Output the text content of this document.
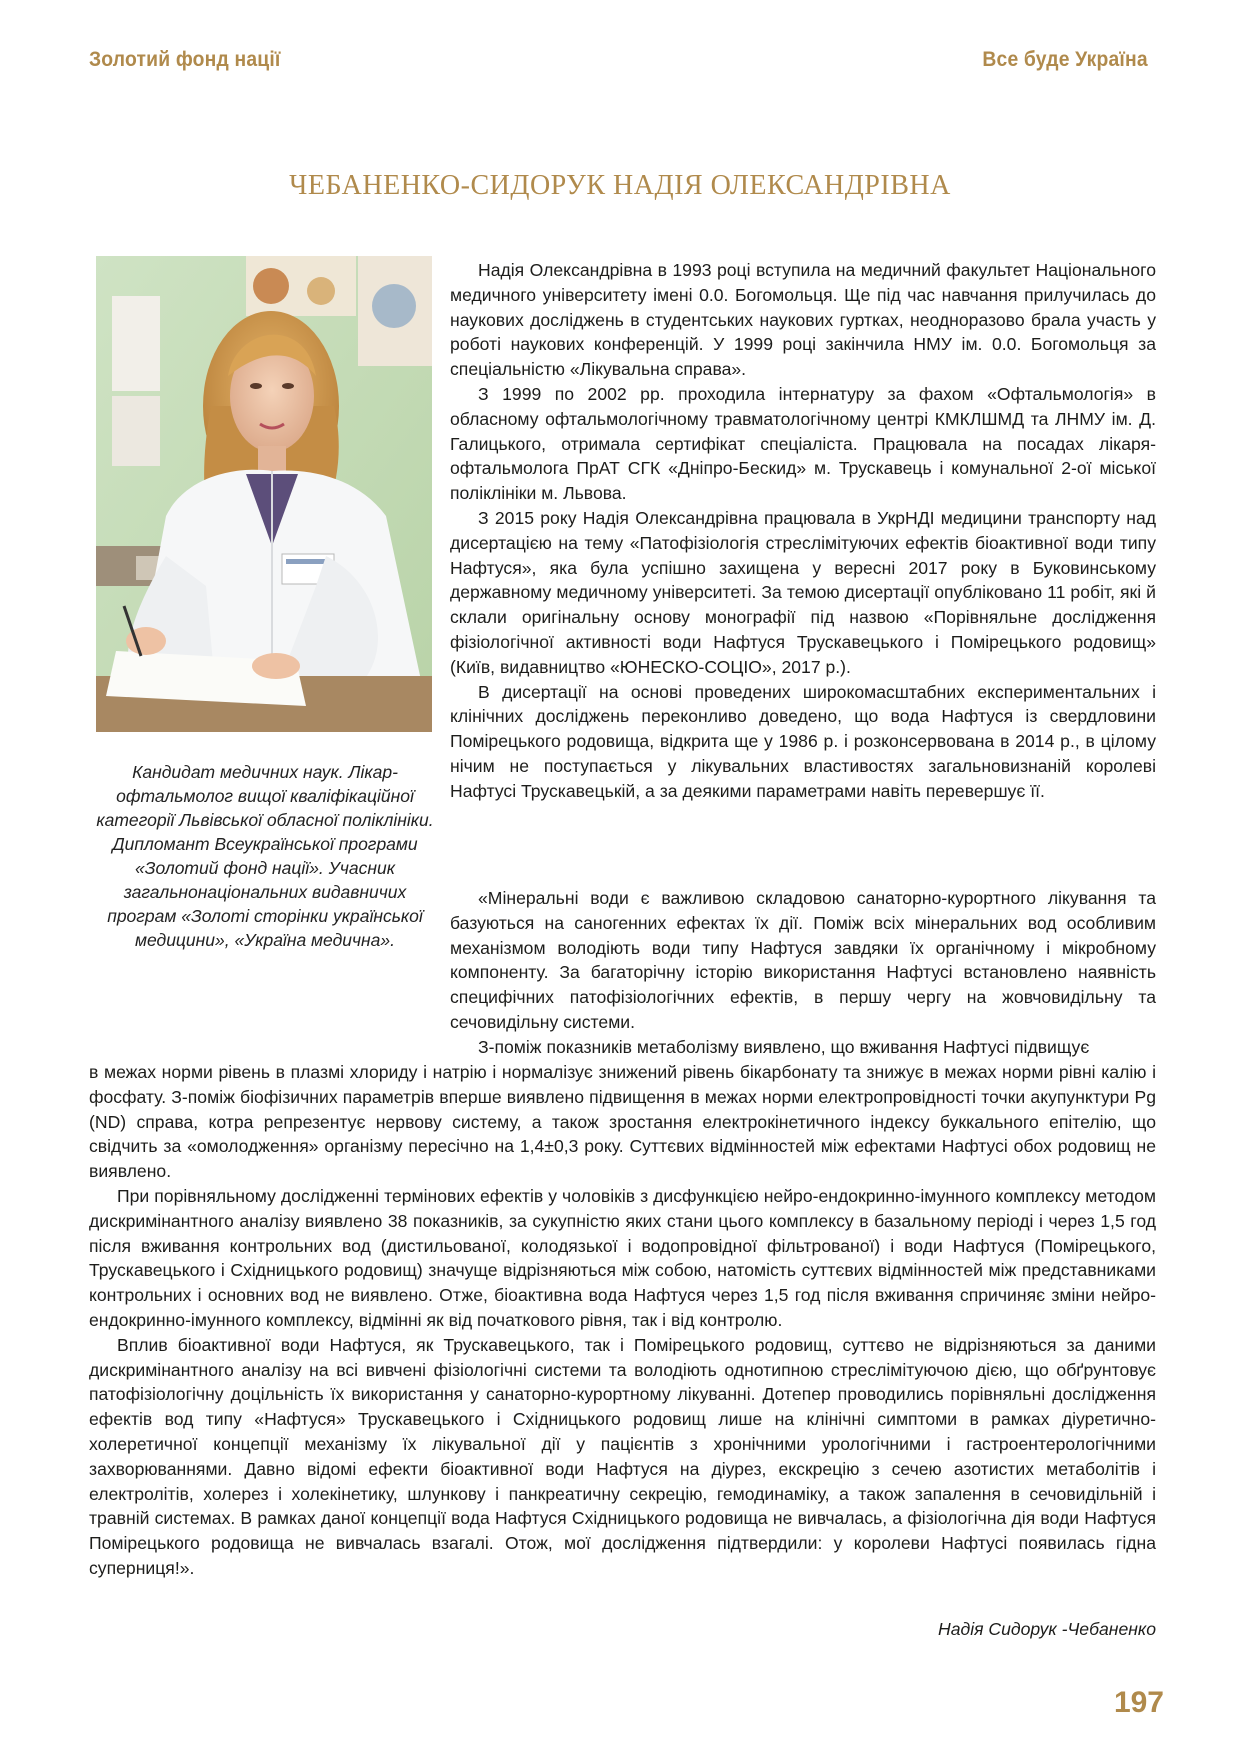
Золотий фонд нації	Все буде Україна
ЧЕБАНЕНКО-СИДОРУК НАДІЯ ОЛЕКСАНДРІВНА
Кандидат медичних наук. Лікар-офтальмолог вищої кваліфікаційної категорії Львівської обласної поліклініки. Дипломант Всеукраїнської програми «Золотий фонд нації». Учасник загальнонаціональних видавничих програм «Золоті сторінки української медицини», «Україна медична».

Надія Олександрівна в 1993 році вступила на медичний факультет Національного медичного університету імені 0.0. Богомольця. Ще під час навчання прилучилась до наукових досліджень в студентських наукових гуртках, неодноразово брала участь у роботі наукових конференцій. У 1999 році закінчила НМУ ім. 0.0. Богомольця за спеціальністю «Лікувальна справа».

З 1999 по 2002 рр. проходила інтернатуру за фахом «Офтальмологія» в обласному офтальмологічному травматологічному центрі КМКЛШМД та ЛНМУ ім. Д. Галицького, отримала сертифікат спеціаліста. Працювала на посадах лікаря-офтальмолога ПрАТ СГК «Дніпро-Бескид» м. Трускавець і комунальної 2-ої міської поліклініки м. Львова.

З 2015 року Надія Олександрівна працювала в УкрНДІ медицини транспорту над дисертацією на тему «Патофізіологія стреслімітуючих ефектів біоактивної води типу Нафтуся», яка була успішно захищена у вересні 2017 року в Буковинському державному медичному університеті. За темою дисертації опубліковано 11 робіт, які й склали оригінальну основу монографії під назвою «Порівняльне дослідження фізіологічної активності води Нафтуся Трускавецького і Помірецького родовищ» (Київ, видавництво «ЮНЕСКО-СОЦІО», 2017 р.).

В дисертації на основі проведених широкомасштабних експериментальних і клінічних досліджень переконливо доведено, що вода Нафтуся із свердловини Помірецького родовища, відкрита ще у 1986 р. і розконсервована в 2014 р., в цілому нічим не поступається у лікувальних властивостях загальновизнаній королеві Нафтусі Трускавецькій, а за деякими параметрами навіть перевершує її.

«Мінеральні води є важливою складовою санаторно-курортного лікування та базуються на саногенних ефектах їх дії. Поміж всіх мінеральних вод особливим механізмом володіють води типу Нафтуся завдяки їх органічному і мікробному компоненту. За багаторічну історію використання Нафтусі встановлено наявність специфічних патофізіологічних ефектів, в першу чергу на жовчовидільну та сечовидільну системи.

З-поміж показників метаболізму виявлено, що вживання Нафтусі підвищує

в межах норми рівень в плазмі хлориду і натрію і нормалізує знижений рівень бікарбонату та знижує в межах норми рівні калію і фосфату. З-поміж біофізичних параметрів вперше виявлено підвищення в межах норми електропровідності точки акупунктури Pg (ND) справа, котра репрезентує нервову систему, а також зростання електрокінетичного індексу буккального епітелію, що свідчить за «омолодження» організму пересічно на 1,4±0,3 року. Суттєвих відмінностей між ефектами Нафтусі обох родовищ не виявлено.

При порівняльному дослідженні термінових ефектів у чоловіків з дисфункцією нейро-ендокринно-імунного комплексу методом дискримінантного аналізу виявлено 38 показників, за сукупністю яких стани цього комплексу в базальному періоді і через 1,5 год після вживання контрольних вод (дистильованої, колодязької і водопровідної фільтрованої) і води Нафтуся (Помірецького, Трускавецького і Східницького родовищ) значуще відрізняються між собою, натомість суттєвих відмінностей між представниками контрольних і основних вод не виявлено. Отже, біоактивна вода Нафтуся через 1,5 год після вживання спричиняє зміни нейро-ендокринно-імунного комплексу, відмінні як від початкового рівня, так і від контролю.

Вплив біоактивної води Нафтуся, як Трускавецького, так і Помірецького родовищ, суттєво не відрізняються за даними дискримінантного аналізу на всі вивчені фізіологічні системи та володіють однотипною стреслімітуючою дією, що обґрунтовує патофізіологічну доцільність їх використання у санаторно-курортному лікуванні. Дотепер проводились порівняльні дослідження ефектів вод типу «Нафтуся» Трускавецького і Східницького родовищ лише на клінічні симптоми в рамках діуретично-холеретичної концепції механізму їх лікувальної дії у пацієнтів з хронічними урологічними і гастроентерологічними захворюваннями. Давно відомі ефекти біоактивної води Нафтуся на діурез, екскрецію з сечею азотистих метаболітів і електролітів, холерез і холекінетику, шлункову і панкреатичну секрецію, гемодинаміку, а також запалення в сечовидільній і травній системах. В рамках даної концепції вода Нафтуся Східницького родовища не вивчалась, а фізіологічна дія води Нафтуся Помірецького родовища не вивчалась взагалі. Отож, мої дослідження підтвердили: у королеви Нафтусі появилась гідна суперниця!».

Надія Сидорук -Чебаненко
197
